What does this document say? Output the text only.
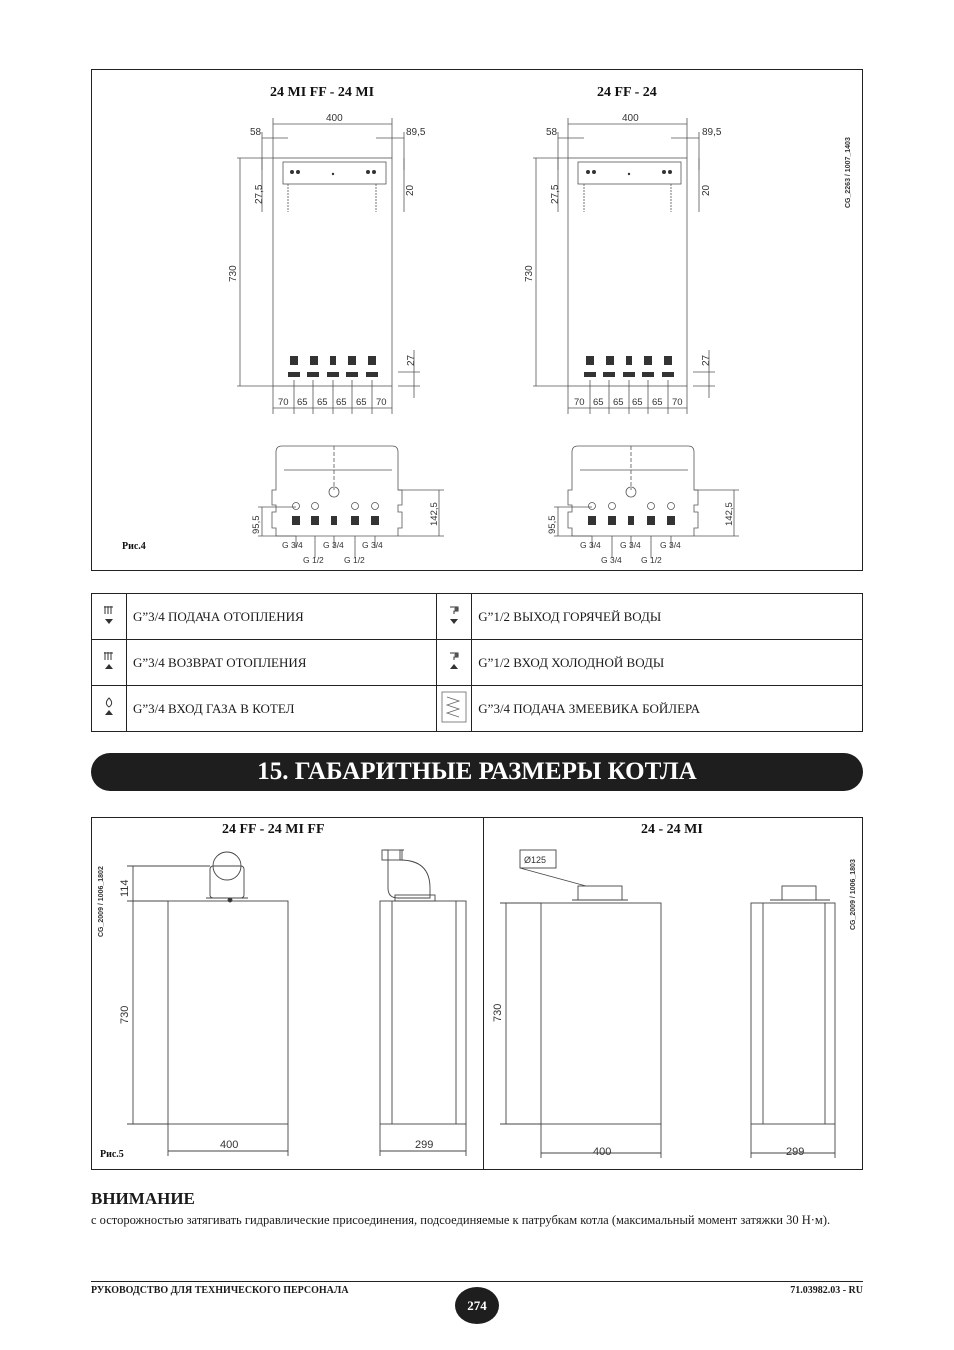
24 MI FF - 24 MI	24 FF - 24
Рис.4
400
58	89,5
400
58	89,5
27,5	20
730
27
27,5	20
730
27
70 65 65 65 65 70	70 65 65 65 65 70
95,5	142,5	95,5	142,5
G 3/4 G 3/4 G 3/4
G 1/2 G 1/2
G 3/4 G 3/4 G 3/4
G 3/4 G 1/2
CG_2263 / 1007_1403
	G”3/4 ПОДАЧА ОТОПЛЕНИЯ		G”1/2 ВЫХОД ГОРЯЧЕЙ ВОДЫ
	G”3/4 ВОЗВРАТ ОТОПЛЕНИЯ		G”1/2 ВХОД ХОЛОДНОЙ ВОДЫ
	G”3/4 ВХОД ГАЗА В КОТЕЛ		G”3/4 ПОДАЧА ЗМЕЕВИКА БОЙЛЕРА
15. ГАБАРИТНЫЕ РАЗМЕРЫ КОТЛА
24 FF - 24 MI FF	24 - 24 MI
Рис.5
114
730
400	299
730
400	299
Ø125
CG_2009 / 1006_1802	CG_2009 / 1006_1803
ВНИМАНИЕ
с осторожностью затягивать гидравлические присоединения, подсоединяемые к патрубкам котла (максимальный момент затяжки 30 Н·м).
РУКОВОДСТВО ДЛЯ ТЕХНИЧЕСКОГО ПЕРСОНАЛА
274
71.03982.03 - RU
